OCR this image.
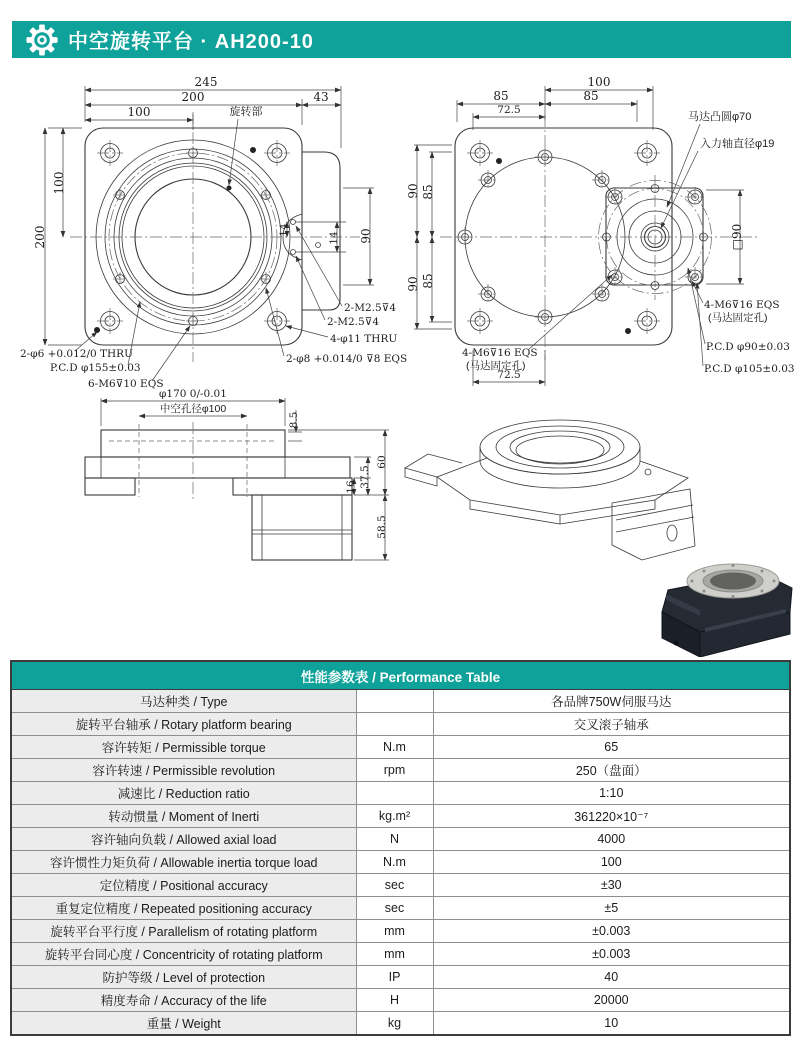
中空旋转平台 · AH200-10
245
200
100
43
旋转部
200
100
90
14
14
2-φ6 +0.012/0 THRU
P.C.D φ155±0.03
6-M6⊽10 EQS
2-M2.5⊽4
2-M2.5⊽4
4-φ11 THRU
2-φ8 +0.014/0 ⊽8 EQS
100
85	85
72.5
90 85
90 85
□90
72.5
马达凸圆φ70
入力轴直径φ19
4-M6⊽16 EQS
(马达固定孔)
P.C.D φ90±0.03
P.C.D φ105±0.03
4-M6⊽16 EQS
(马达固定孔)
φ170 0/-0.01
中空孔径φ100
8.5
60
37.5
16
58.5
性能参数表 / Performance Table		
马达种类 / Type		各品牌750W伺服马达
旋转平台轴承 / Rotary platform bearing		交叉滚子轴承
容许转矩 / Permissible torque	N.m	65
容许转速 / Permissible revolution	rpm	250（盘面）
减速比 / Reduction ratio		1:10
转动惯量 / Moment of Inerti	kg.m²	361220×10⁻⁷
容许轴向负载 / Allowed axial load	N	4000
容许惯性力矩负荷 / Allowable inertia torque load	N.m	100
定位精度 / Positional accuracy	sec	±30
重复定位精度 / Repeated positioning accuracy	sec	±5
旋转平台平行度 / Parallelism of rotating platform	mm	±0.003
旋转平台同心度 / Concentricity of rotating platform	mm	±0.003
防护等级 / Level of protection	IP	40
精度寿命 / Accuracy of the life	H	20000
重量 / Weight	kg	10
